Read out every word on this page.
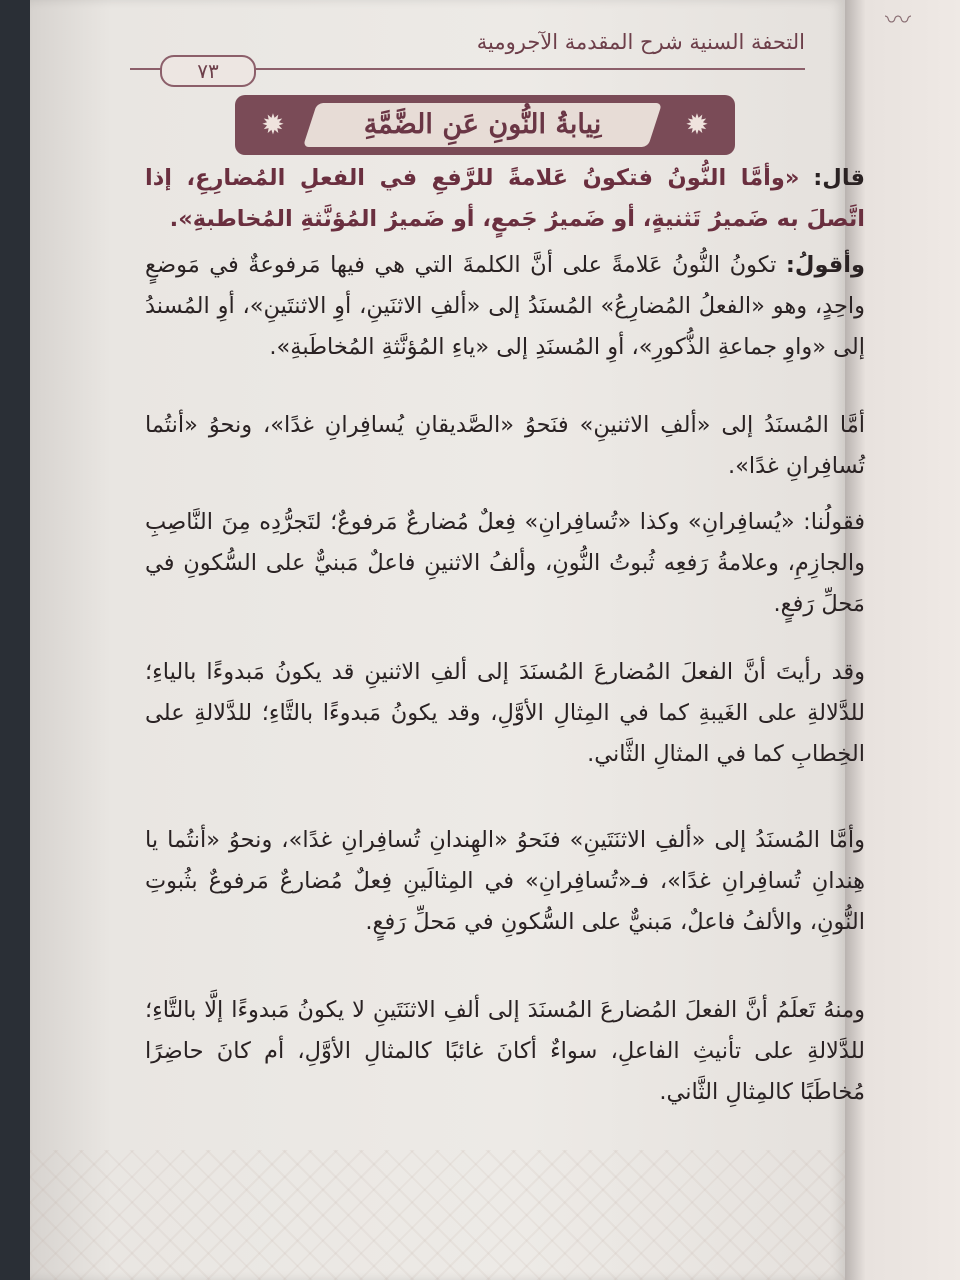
〰
التحفة السنية شرح المقدمة الآجرومية
٧٣
✹	✹
نِيابةُ النُّونِ عَنِ الضَّمَّةِ
قال: «وأمَّا النُّونُ فتكونُ عَلامةً للرَّفعِ في الفعلِ المُضارِعِ، إذا اتَّصلَ به ضَميرُ تَثنيةٍ، أو ضَميرُ جَمعٍ، أو ضَميرُ المُؤنَّثةِ المُخاطبةِ».
وأقولُ: تكونُ النُّونُ عَلامةً على أنَّ الكلمةَ التي هي فيها مَرفوعةٌ في مَوضعٍ واحِدٍ، وهو «الفعلُ المُضارِعُ» المُسنَدُ إلى «ألفِ الاثنَينِ، أوِ الاثنتَينِ»، أوِ المُسندُ إلى «واوِ جماعةِ الذُّكورِ»، أوِ المُسنَدِ إلى «ياءِ المُؤنَّثةِ المُخاطَبةِ».
أمَّا المُسنَدُ إلى «ألفِ الاثنينِ» فنَحوُ «الصَّديقانِ يُسافِرانِ غدًا»، ونحوُ «أنتُما تُسافِرانِ غدًا».
فقولُنا: «يُسافِرانِ» وكذا «تُسافِرانِ» فِعلٌ مُضارعٌ مَرفوعٌ؛ لتَجرُّدِه مِنَ النَّاصِبِ والجازِمِ، وعلامةُ رَفعِه ثُبوتُ النُّونِ، وألفُ الاثنينِ فاعلٌ مَبنيٌّ على السُّكونِ في مَحلِّ رَفعٍ.
وقد رأيتَ أنَّ الفعلَ المُضارعَ المُسنَدَ إلى ألفِ الاثنينِ قد يكونُ مَبدوءًا بالياءِ؛ للدَّلالةِ على الغَيبةِ كما في المِثالِ الأوَّلِ، وقد يكونُ مَبدوءًا بالتَّاءِ؛ للدَّلالةِ على الخِطابِ كما في المثالِ الثَّاني.
وأمَّا المُسنَدُ إلى «ألفِ الاثنَتَينِ» فنَحوُ «الهِندانِ تُسافِرانِ غدًا»، ونحوُ «أنتُما يا هِندانِ تُسافِرانِ غدًا»، فـ«تُسافِرانِ» في المِثالَينِ فِعلٌ مُضارعٌ مَرفوعٌ بثُبوتِ النُّونِ، والألفُ فاعلٌ، مَبنيٌّ على السُّكونِ في مَحلِّ رَفعٍ.
ومنهُ تَعلَمُ أنَّ الفعلَ المُضارعَ المُسنَدَ إلى ألفِ الاثنَتَينِ لا يكونُ مَبدوءًا إلَّا بالتَّاءِ؛ للدَّلالةِ على تأنيثِ الفاعلِ، سواءٌ أكانَ غائبًا كالمثالِ الأوَّلِ، أم كانَ حاضِرًا مُخاطَبًا كالمِثالِ الثَّاني.
